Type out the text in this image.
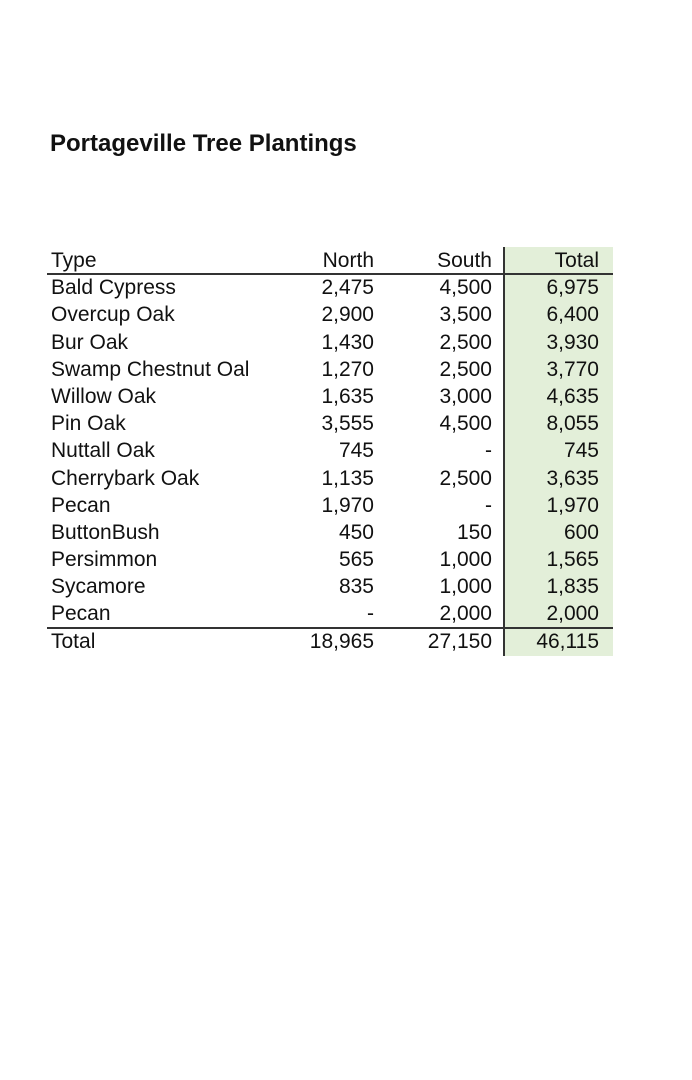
Portageville Tree Plantings
Type	North	South	Total
Bald Cypress	2,475	4,500	6,975
Overcup Oak	2,900	3,500	6,400
Bur Oak	1,430	2,500	3,930
Swamp Chestnut Oal	1,270	2,500	3,770
Willow Oak	1,635	3,000	4,635
Pin Oak	3,555	4,500	8,055
Nuttall Oak	745	-	745
Cherrybark Oak	1,135	2,500	3,635
Pecan	1,970	-	1,970
ButtonBush	450	150	600
Persimmon	565	1,000	1,565
Sycamore	835	1,000	1,835
Pecan	-	2,000	2,000
Total	18,965	27,150	46,115
